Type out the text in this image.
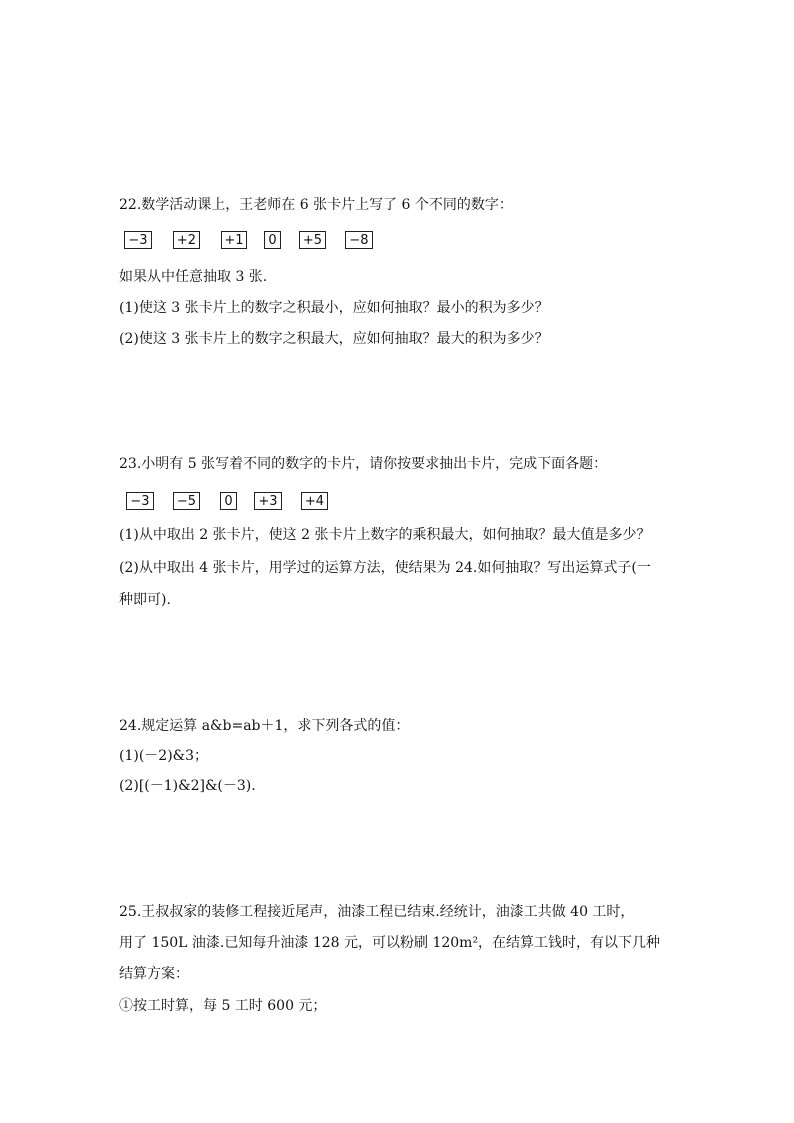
22.数学活动课上，王老师在 6 张卡片上写了 6 个不同的数字：
−3	+2	+1	0	+5	−8
如果从中任意抽取 3 张.
(1)使这 3 张卡片上的数字之积最小，应如何抽取？最小的积为多少？
(2)使这 3 张卡片上的数字之积最大，应如何抽取？最大的积为多少？
23.小明有 5 张写着不同的数字的卡片，请你按要求抽出卡片，完成下面各题：
−3	−5	0	+3	+4
(1)从中取出 2 张卡片，使这 2 张卡片上数字的乘积最大，如何抽取？最大值是多少？
(2)从中取出 4 张卡片，用学过的运算方法，使结果为 24.如何抽取？写出运算式子(一
种即可).
24.规定运算 a&b=ab＋1，求下列各式的值：
(1)(－2)&3；
(2)[(－1)&2]&(－3).
25.王叔叔家的装修工程接近尾声，油漆工程已结束.经统计，油漆工共做 40 工时，
用了 150L 油漆.已知每升油漆 128 元，可以粉刷 120m²，在结算工钱时，有以下几种
结算方案：
①按工时算，每 5 工时 600 元；
